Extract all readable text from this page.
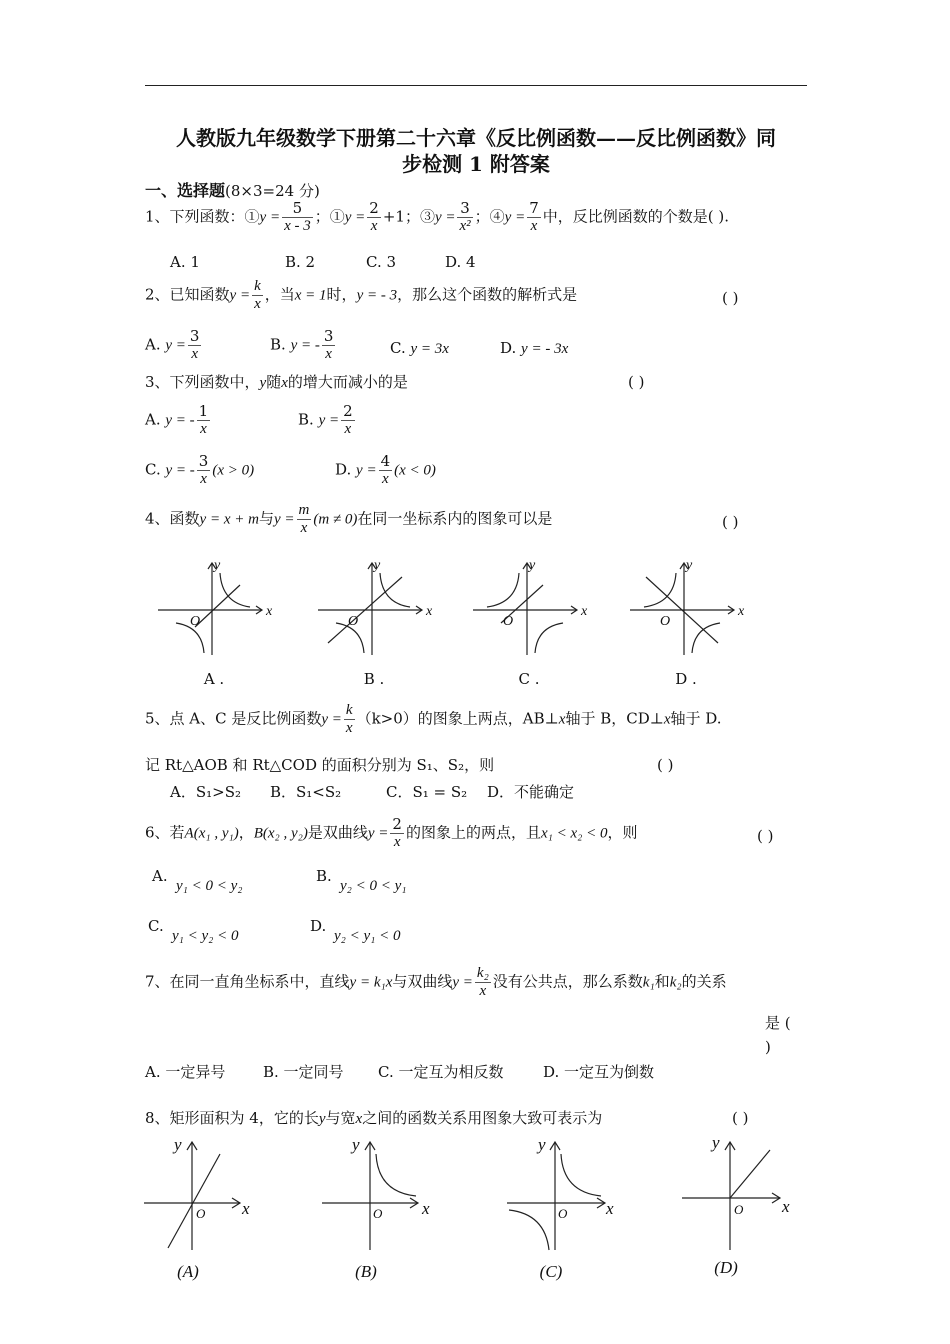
人教版九年级数学下册第二十六章《反比例函数——反比例函数》同
步检测 1 附答案
一、选择题(8×3=24 分)
1、下列函数：①y = $\frac{5}{x - 3}$ ；①y = $\frac{2}{x} +1$；③y = $\frac{3}{\text{x²}}$ ；④y = $\frac{7}{x}$ 中，反比例函数的个数是( ).
A. 1	B. 2	C. 3	D. 4
2、已知函数$y = \frac{k}{x}$ ，当x = 1时，y = - 3，那么这个函数的解析式是	( )
A. $y = \frac{3}{x}$	B. y = - $\frac{3}{x}$	C. y = 3x	D. y = - 3x
3、下列函数中，y随x的增大而减小的是	( )
A. y = - $\frac{1}{x}$	B. $y = \frac{2}{x}$
C. y = - $\frac{3}{x} (x > 0)$	D. $y = \frac{4}{x} (x < 0)$
4、函数y = x + m与$y = \frac{m}{x} (m \ne 0)$在同一坐标系内的图象可以是	( )
y
x
O
y
x
O
y
x
O
y
x
O
A .	B .	C .	D .
5、点 A、C 是反比例函数$y = \frac{k}{x} (k>0)$的图象上两点，AB⊥x轴于 B，CD⊥x轴于 D.
记 Rt△AOB 和 Rt△COD 的面积分别为 S₁、S₂，则	( )
A．S₁>S₂ B．S₁<S₂	C．S₁ = S₂ D．不能确定
6、若A(x₁ , y₁)，B(x₂ , y₂)是双曲线$y = \frac{2}{x}$ 的图象上的两点，且x₁ < x₂ < 0，则	( )
A.
y₁ < 0 < y₂
B.
y₂ < 0 < y₁
C.
y₁ < y₂ < 0
D.
y₂ < y₁ < 0
7、在同一直角坐标系中，直线y = k₁x与双曲线$y = \frac{\text{k₂}}{x}$ 没有公共点，那么系数k₁和k₂的关系
是 (
)
A. 一定异号	B. 一定同号 C. 一定互为相反数	D. 一定互为倒数
8、矩形面积为 4，它的长y与宽x之间的函数关系用图象大致可表示为	( )
y
x
y
x
y
x
y
x
O	O	O	O
(A)	(B)	(C)	(D)
